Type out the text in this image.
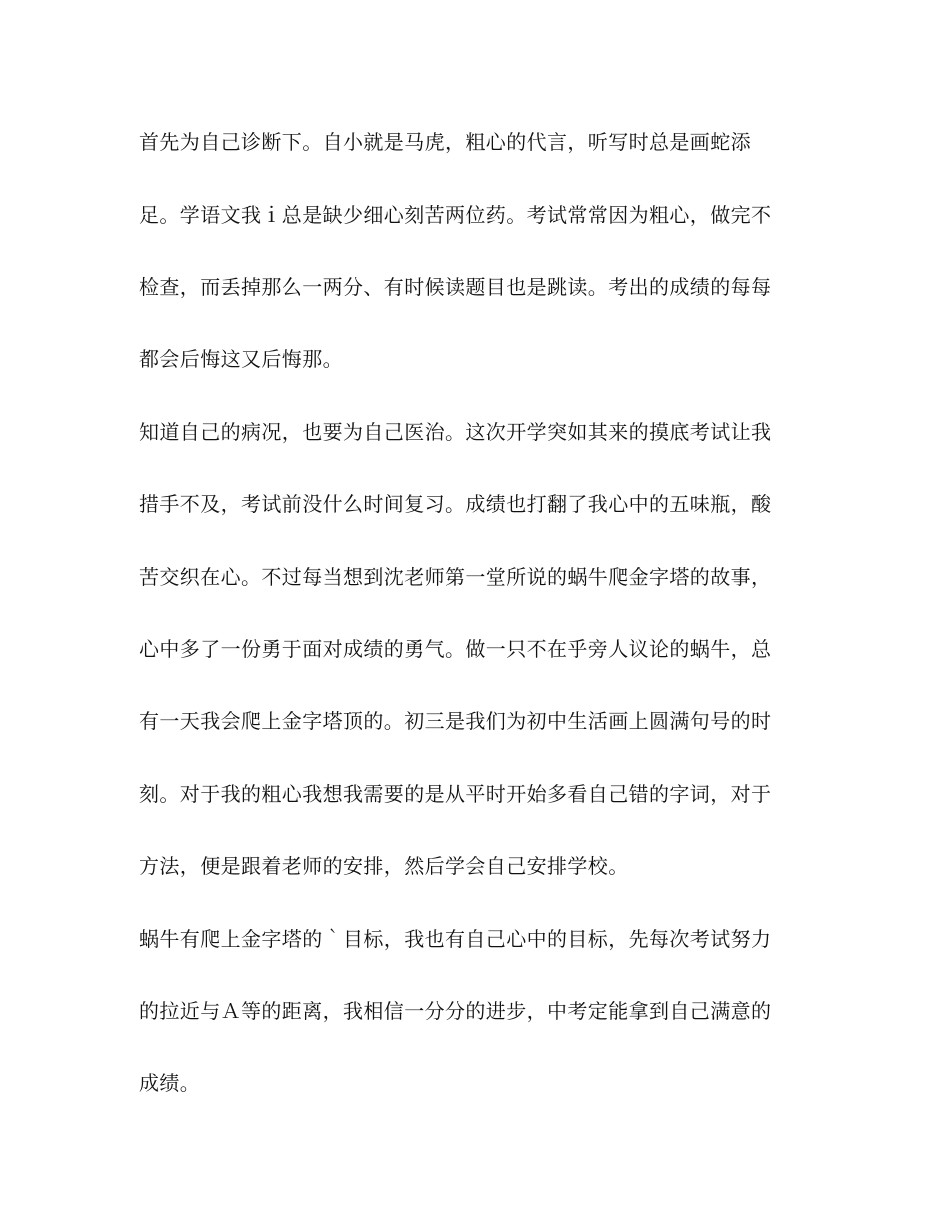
首先为自己诊断下。自小就是马虎，粗心的代言，听写时总是画蛇添
足。学语文我ｉ总是缺少细心刻苦两位药。考试常常因为粗心，做完不
检查，而丢掉那么一两分、有时候读题目也是跳读。考出的成绩的每每
都会后悔这又后悔那。
知道自己的病况，也要为自己医治。这次开学突如其来的摸底考试让我
措手不及，考试前没什么时间复习。成绩也打翻了我心中的五味瓶，酸
苦交织在心。不过每当想到沈老师第一堂所说的蜗牛爬金字塔的故事，
心中多了一份勇于面对成绩的勇气。做一只不在乎旁人议论的蜗牛，总
有一天我会爬上金字塔顶的。初三是我们为初中生活画上圆满句号的时
刻。对于我的粗心我想我需要的是从平时开始多看自己错的字词，对于
方法，便是跟着老师的安排，然后学会自己安排学校。
蜗牛有爬上金字塔的｀目标，我也有自己心中的目标，先每次考试努力
的拉近与Ａ等的距离，我相信一分分的进步，中考定能拿到自己满意的
成绩。
